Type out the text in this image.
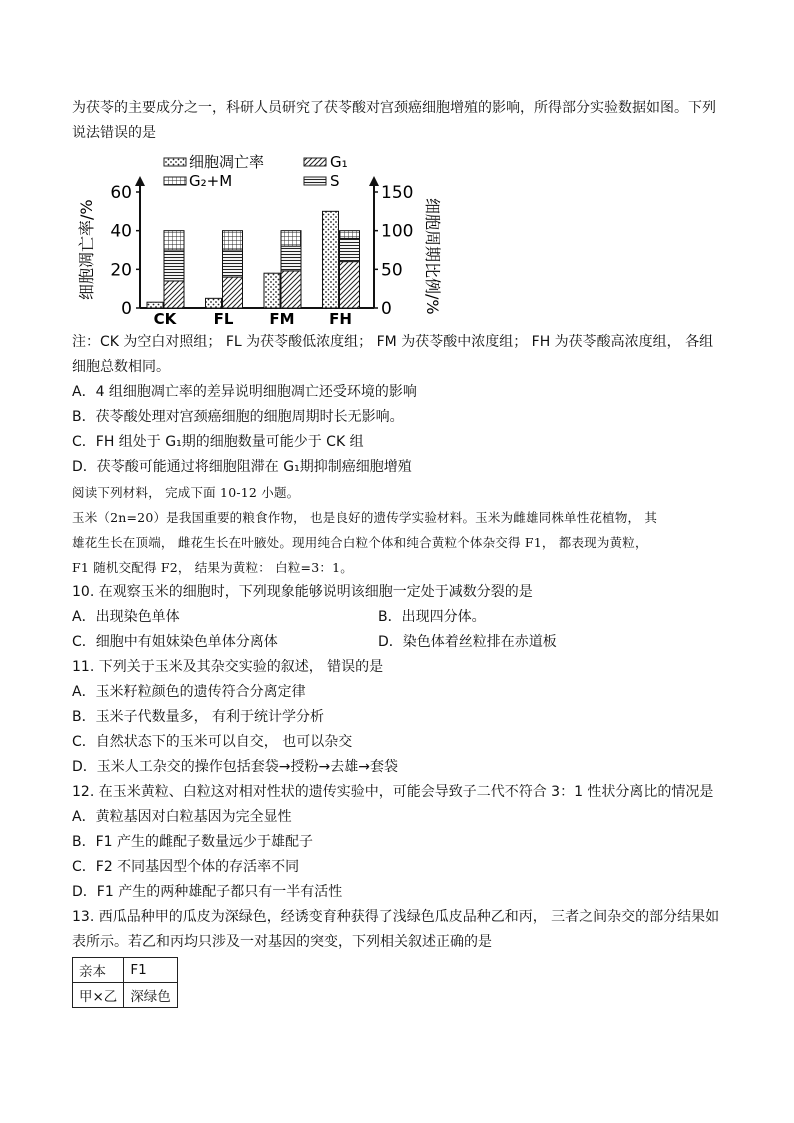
为茯苓的主要成分之一，科研人员研究了茯苓酸对宫颈癌细胞增殖的影响，所得部分实验数据如图。下列说法错误的是

细胞凋亡率	G₁
G₂+M	S
细胞凋亡率/%	细胞周期比例/%
0
20
40
60
0
50
100
150
CK FL FM FH

注：CK 为空白对照组； FL 为茯苓酸低浓度组； FM 为茯苓酸中浓度组； FH 为茯苓酸高浓度组， 各组细胞总数相同。

A．4 组细胞凋亡率的差异说明细胞凋亡还受环境的影响

B．茯苓酸处理对宫颈癌细胞的细胞周期时长无影响。

C．FH 组处于 G₁期的细胞数量可能少于 CK 组

D．茯苓酸可能通过将细胞阻滞在 G₁期抑制癌细胞增殖

阅读下列材料， 完成下面 10-12 小题。

玉米（2n=20）是我国重要的粮食作物， 也是良好的遗传学实验材料。玉米为雌雄同株单性花植物， 其

雄花生长在顶端， 雌花生长在叶腋处。现用纯合白粒个体和纯合黄粒个体杂交得 F1， 都表现为黄粒，

F1 随机交配得 F2， 结果为黄粒： 白粒=3：1。

10. 在观察玉米的细胞时，下列现象能够说明该细胞一定处于减数分裂的是

A．出现染色单体	B．出现四分体。

C．细胞中有姐妹染色单体分离体	D．染色体着丝粒排在赤道板

11. 下列关于玉米及其杂交实验的叙述， 错误的是

A．玉米籽粒颜色的遗传符合分离定律

B．玉米子代数量多， 有利于统计学分析

C．自然状态下的玉米可以自交， 也可以杂交

D．玉米人工杂交的操作包括套袋→授粉→去雄→套袋

12. 在玉米黄粒、白粒这对相对性状的遗传实验中，可能会导致子二代不符合 3：1 性状分离比的情况是

A．黄粒基因对白粒基因为完全显性

B．F1 产生的雌配子数量远少于雄配子

C．F2 不同基因型个体的存活率不同

D．F1 产生的两种雄配子都只有一半有活性

13. 西瓜品种甲的瓜皮为深绿色，经诱变育种获得了浅绿色瓜皮品种乙和丙， 三者之间杂交的部分结果如表所示。若乙和丙均只涉及一对基因的突变，下列相关叙述正确的是

亲本	F1
甲×乙	深绿色
